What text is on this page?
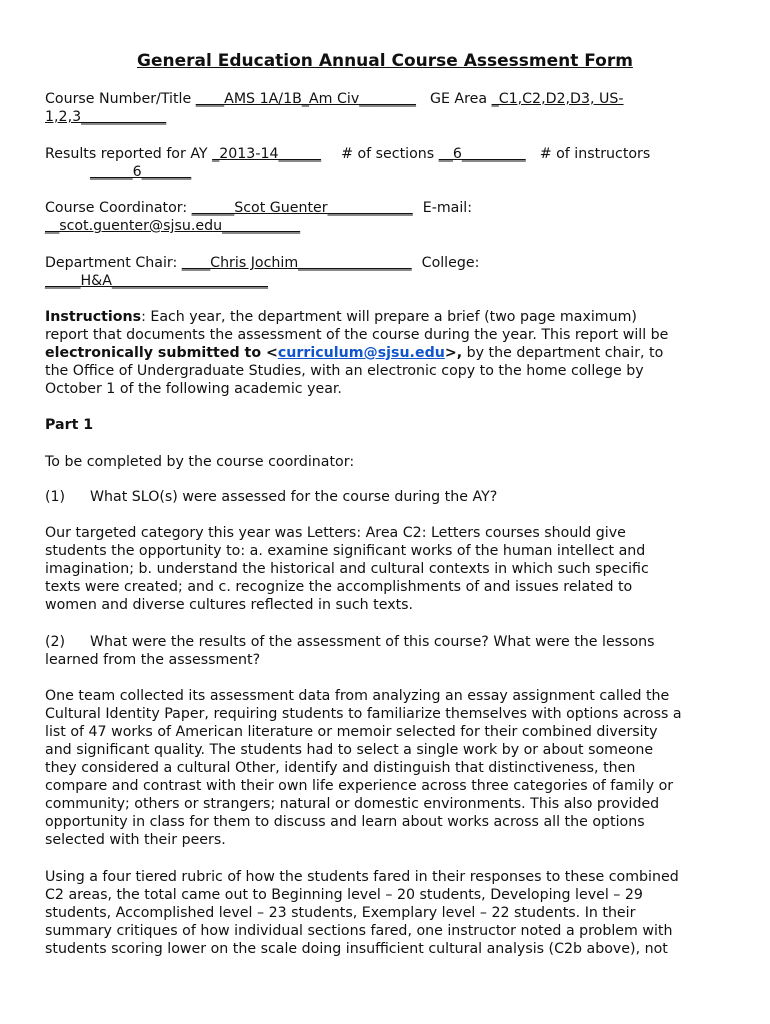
General Education Annual Course Assessment Form
Course Number/Title ____AMS 1A/1B_Am Civ________ GE Area _C1,C2,D2,D3, US-
1,2,3____________
Results reported for AY _2013-14______ # of sections __6_________ # of instructors
______6_______
Course Coordinator: ______Scot Guenter____________ E-mail:
__scot.guenter@sjsu.edu___________
Department Chair: ____Chris Jochim________________ College:
_____H&A______________________
Instructions: Each year, the department will prepare a brief (two page maximum)
report that documents the assessment of the course during the year. This report will be
electronically submitted to <curriculum@sjsu.edu>, by the department chair, to
the Office of Undergraduate Studies, with an electronic copy to the home college by
October 1 of the following academic year.
Part 1
To be completed by the course coordinator:
(1) What SLO(s) were assessed for the course during the AY?
Our targeted category this year was Letters: Area C2: Letters courses should give
students the opportunity to: a. examine significant works of the human intellect and
imagination; b. understand the historical and cultural contexts in which such specific
texts were created; and c. recognize the accomplishments of and issues related to
women and diverse cultures reflected in such texts.
(2) What were the results of the assessment of this course? What were the lessons
learned from the assessment?
One team collected its assessment data from analyzing an essay assignment called the
Cultural Identity Paper, requiring students to familiarize themselves with options across a
list of 47 works of American literature or memoir selected for their combined diversity
and significant quality. The students had to select a single work by or about someone
they considered a cultural Other, identify and distinguish that distinctiveness, then
compare and contrast with their own life experience across three categories of family or
community; others or strangers; natural or domestic environments. This also provided
opportunity in class for them to discuss and learn about works across all the options
selected with their peers.
Using a four tiered rubric of how the students fared in their responses to these combined
C2 areas, the total came out to Beginning level – 20 students, Developing level – 29
students, Accomplished level – 23 students, Exemplary level – 22 students. In their
summary critiques of how individual sections fared, one instructor noted a problem with
students scoring lower on the scale doing insufficient cultural analysis (C2b above), not
